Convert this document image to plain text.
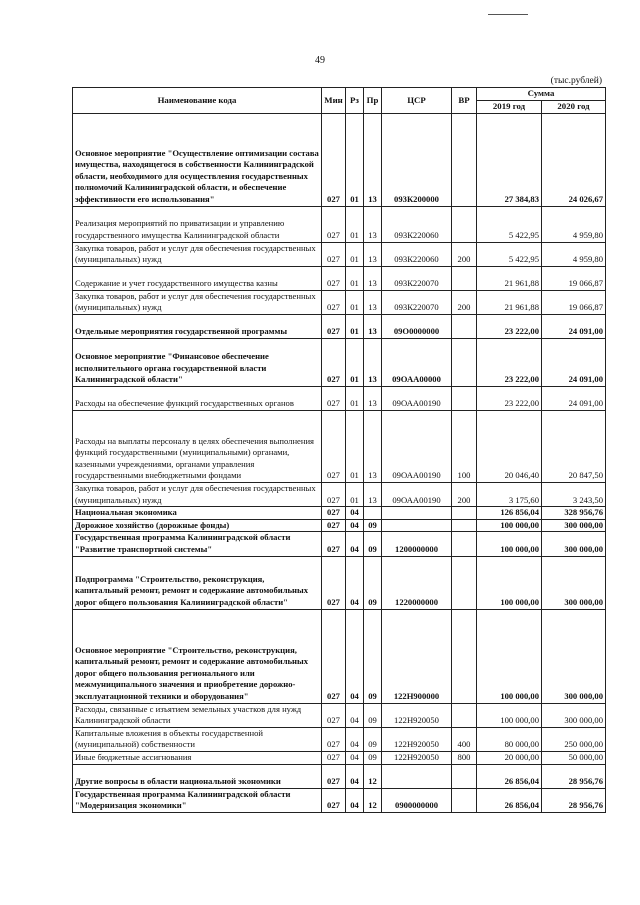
49
(тыс.рублей)
Наименование кода	Мин	Рз	Пр	ЦСР	ВР	Сумма	
						2019 год	2020 год
Основное мероприятие "Осуществление оптимизации состава имущества, находящегося в собственности Калининградской области, необходимого для осуществления государственных полномочий Калининградской области, и обеспечение эффективности его использования"	027	01	13	093К200000		27 384,83	24 026,67
Реализация мероприятий по приватизации и управлению государственного имущества Калининградской области	027	01	13	093К220060		5 422,95	4 959,80
Закупка товаров, работ и услуг для обеспечения государственных (муниципальных) нужд	027	01	13	093К220060	200	5 422,95	4 959,80
Содержание и учет государственного имущества казны	027	01	13	093К220070		21 961,88	19 066,87
Закупка товаров, работ и услуг для обеспечения государственных (муниципальных) нужд	027	01	13	093К220070	200	21 961,88	19 066,87
Отдельные мероприятия государственной программы	027	01	13	09О0000000		23 222,00	24 091,00
Основное мероприятие "Финансовое обеспечение исполнительного органа государственной власти Калининградской области"	027	01	13	09ОАА00000		23 222,00	24 091,00
Расходы на обеспечение функций государственных органов	027	01	13	09ОАА00190		23 222,00	24 091,00
Расходы на выплаты персоналу в целях обеспечения выполнения функций государственными (муниципальными) органами, казенными учреждениями, органами управления государственными внебюджетными фондами	027	01	13	09ОАА00190	100	20 046,40	20 847,50
Закупка товаров, работ и услуг для обеспечения государственных (муниципальных) нужд	027	01	13	09ОАА00190	200	3 175,60	3 243,50
Национальная экономика	027	04				126 856,04	328 956,76
Дорожное хозяйство (дорожные фонды)	027	04	09			100 000,00	300 000,00
Государственная программа Калининградской области "Развитие транспортной системы"	027	04	09	1200000000		100 000,00	300 000,00
Подпрограмма "Строительство, реконструкция, капитальный ремонт, ремонт и содержание автомобильных дорог общего пользования Калининградской области"	027	04	09	1220000000		100 000,00	300 000,00
Основное мероприятие "Строительство, реконструкция, капитальный ремонт, ремонт и содержание автомобильных дорог общего пользования регионального или межмуниципального значения и приобретение дорожно-эксплуатационной техники и оборудования"	027	04	09	122Н900000		100 000,00	300 000,00
Расходы, связанные с изъятием земельных участков для нужд Калининградской области	027	04	09	122Н920050		100 000,00	300 000,00
Капитальные вложения в объекты государственной (муниципальной) собственности	027	04	09	122Н920050	400	80 000,00	250 000,00
Иные бюджетные ассигнования	027	04	09	122Н920050	800	20 000,00	50 000,00
Другие вопросы в области национальной экономики	027	04	12			26 856,04	28 956,76
Государственная программа Калининградской области "Модернизация экономики"	027	04	12	0900000000		26 856,04	28 956,76
